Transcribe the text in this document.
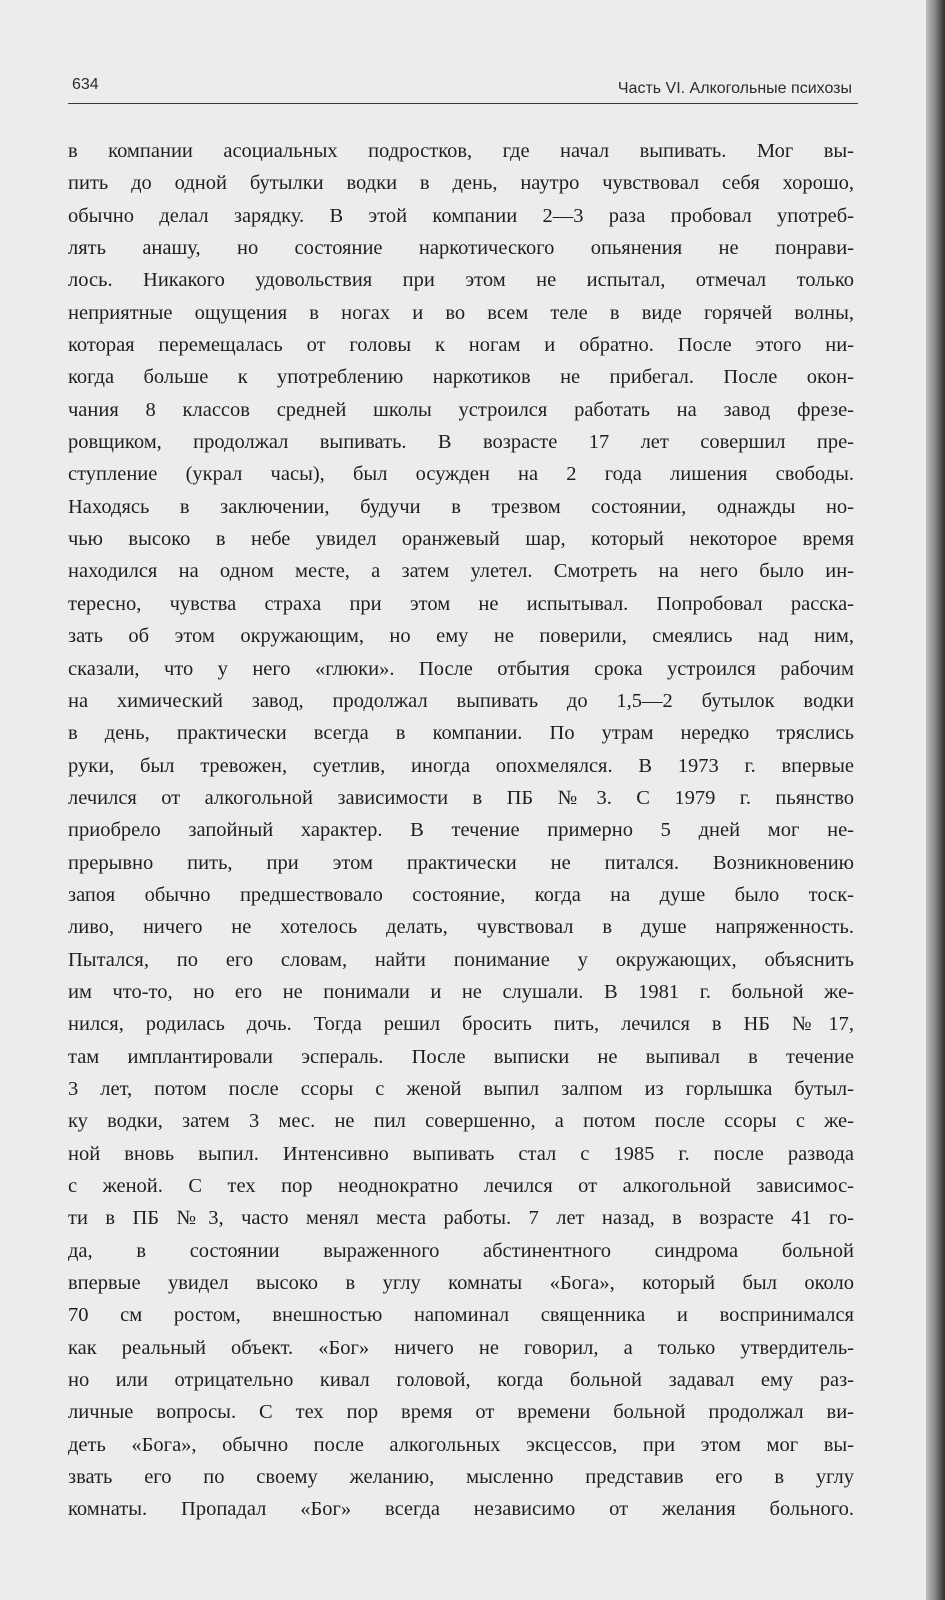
634	Часть VI. Алкогольные психозы
в компании асоциальных подростков, где начал выпивать. Мог вы-
пить до одной бутылки водки в день, наутро чувствовал себя хорошо,
обычно делал зарядку. В этой компании 2—3 раза пробовал употреб-
лять анашу, но состояние наркотического опьянения не понрави-
лось. Никакого удовольствия при этом не испытал, отмечал только
неприятные ощущения в ногах и во всем теле в виде горячей волны,
которая перемещалась от головы к ногам и обратно. После этого ни-
когда больше к употреблению наркотиков не прибегал. После окон-
чания 8 классов средней школы устроился работать на завод фрезе-
ровщиком, продолжал выпивать. В возрасте 17 лет совершил пре-
ступление (украл часы), был осужден на 2 года лишения свободы.
Находясь в заключении, будучи в трезвом состоянии, однажды но-
чью высоко в небе увидел оранжевый шар, который некоторое время
находился на одном месте, а затем улетел. Смотреть на него было ин-
тересно, чувства страха при этом не испытывал. Попробовал расска-
зать об этом окружающим, но ему не поверили, смеялись над ним,
сказали, что у него «глюки». После отбытия срока устроился рабочим
на химический завод, продолжал выпивать до 1,5—2 бутылок водки
в день, практически всегда в компании. По утрам нередко тряслись
руки, был тревожен, суетлив, иногда опохмелялся. В 1973 г. впервые
лечился от алкогольной зависимости в ПБ №3. С 1979 г. пьянство
приобрело запойный характер. В течение примерно 5 дней мог не-
прерывно пить, при этом практически не питался. Возникновению
запоя обычно предшествовало состояние, когда на душе было тоск-
ливо, ничего не хотелось делать, чувствовал в душе напряженность.
Пытался, по его словам, найти понимание у окружающих, объяснить
им что-то, но его не понимали и не слушали. В 1981 г. больной же-
нился, родилась дочь. Тогда решил бросить пить, лечился в НБ №17,
там имплантировали эспераль. После выписки не выпивал в течение
3 лет, потом после ссоры с женой выпил залпом из горлышка бутыл-
ку водки, затем 3 мес. не пил совершенно, а потом после ссоры с же-
ной вновь выпил. Интенсивно выпивать стал с 1985 г. после развода
с женой. С тех пор неоднократно лечился от алкогольной зависимос-
ти в ПБ №3, часто менял места работы. 7 лет назад, в возрасте 41 го-
да, в состоянии выраженного абстинентного синдрома больной
впервые увидел высоко в углу комнаты «Бога», который был около
70 см ростом, внешностью напоминал священника и воспринимался
как реальный объект. «Бог» ничего не говорил, а только утвердитель-
но или отрицательно кивал головой, когда больной задавал ему раз-
личные вопросы. С тех пор время от времени больной продолжал ви-
деть «Бога», обычно после алкогольных эксцессов, при этом мог вы-
звать его по своему желанию, мысленно представив его в углу
комнаты. Пропадал «Бог» всегда независимо от желания больного.
